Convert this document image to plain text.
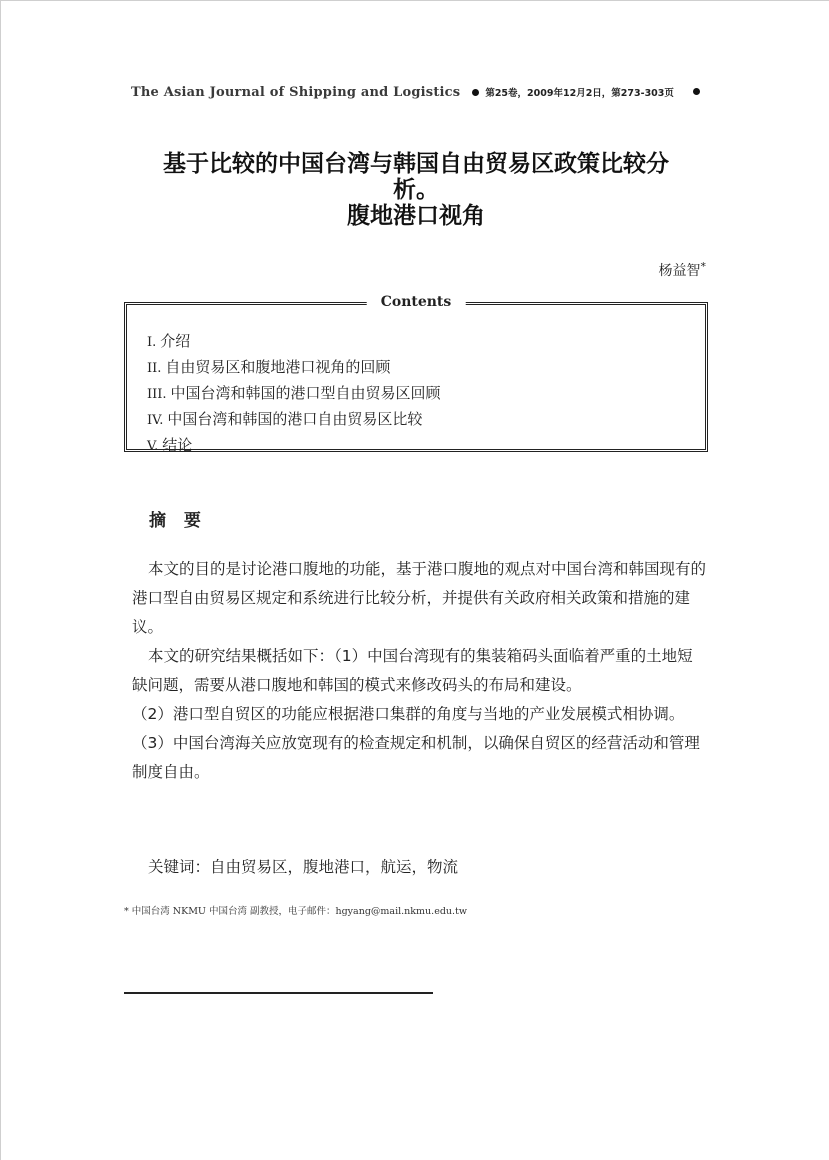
The Asian Journal of Shipping and Logistics	第25卷，2009年12月2日，第273-303页
基于比较的中国台湾与韩国自由贸易区政策比较分
析。
腹地港口视角
杨益智*
Contents
I. 介绍
II. 自由贸易区和腹地港口视角的回顾
III. 中国台湾和韩国的港口型自由贸易区回顾
IV. 中国台湾和韩国的港口自由贸易区比较
V. 结论
摘 要

本文的目的是讨论港口腹地的功能，基于港口腹地的观点对中国台湾和韩国现有的港口型自由贸易区规定和系统进行比较分析，并提供有关政府相关政策和措施的建议。

本文的研究结果概括如下：（1）中国台湾现有的集装箱码头面临着严重的土地短缺问题，需要从港口腹地和韩国的模式来修改码头的布局和建设。

（2）港口型自贸区的功能应根据港口集群的角度与当地的产业发展模式相协调。（3）中国台湾海关应放宽现有的检查规定和机制，以确保自贸区的经营活动和管理制度自由。

关键词：自由贸易区，腹地港口，航运，物流
* 中国台湾 NKMU 中国台湾 副教授，电子邮件：hgyang@mail.nkmu.edu.tw
